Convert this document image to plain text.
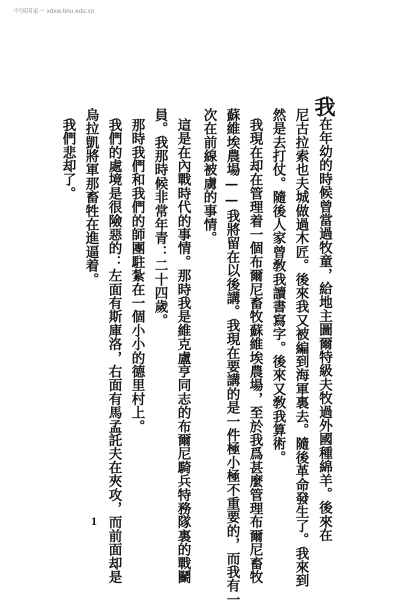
中国国家一 xdxw.bnu.edu.cn
我在年幼的時候曾當過牧童，給地主圖爾特級夫牧過外國種綿羊。後來在
尼古拉索也夫城做過木匠。後來我又被編到海軍裏去。隨後革命發生了。我來到
然是去打仗。隨後人家曾敎我讀書寫字。後來又敎我算術。
我現在却在管理着一個布爾尼畜牧蘇維埃農場，至於我爲甚麼管理布爾尼畜牧
蘇維埃農場——我將留在以後講。我現在要講的是一件極小極不重要的，而我有一
次在前線被虜的事情。
這是在內戰時代的事情。那時我是維克盧亨同志的布爾尼騎兵特務隊裏的戰鬭
員。我那時候非常年青：二十四歲。
那時我們和我們的師團駐紮在一個小小的德里村上。
我們的處境是很險惡的：左面有斯庫洛，右面有馬孟託夫在夾攻，而前面却是
烏拉凱將軍那畜牲在進逼着。
我們悲却了。
1
